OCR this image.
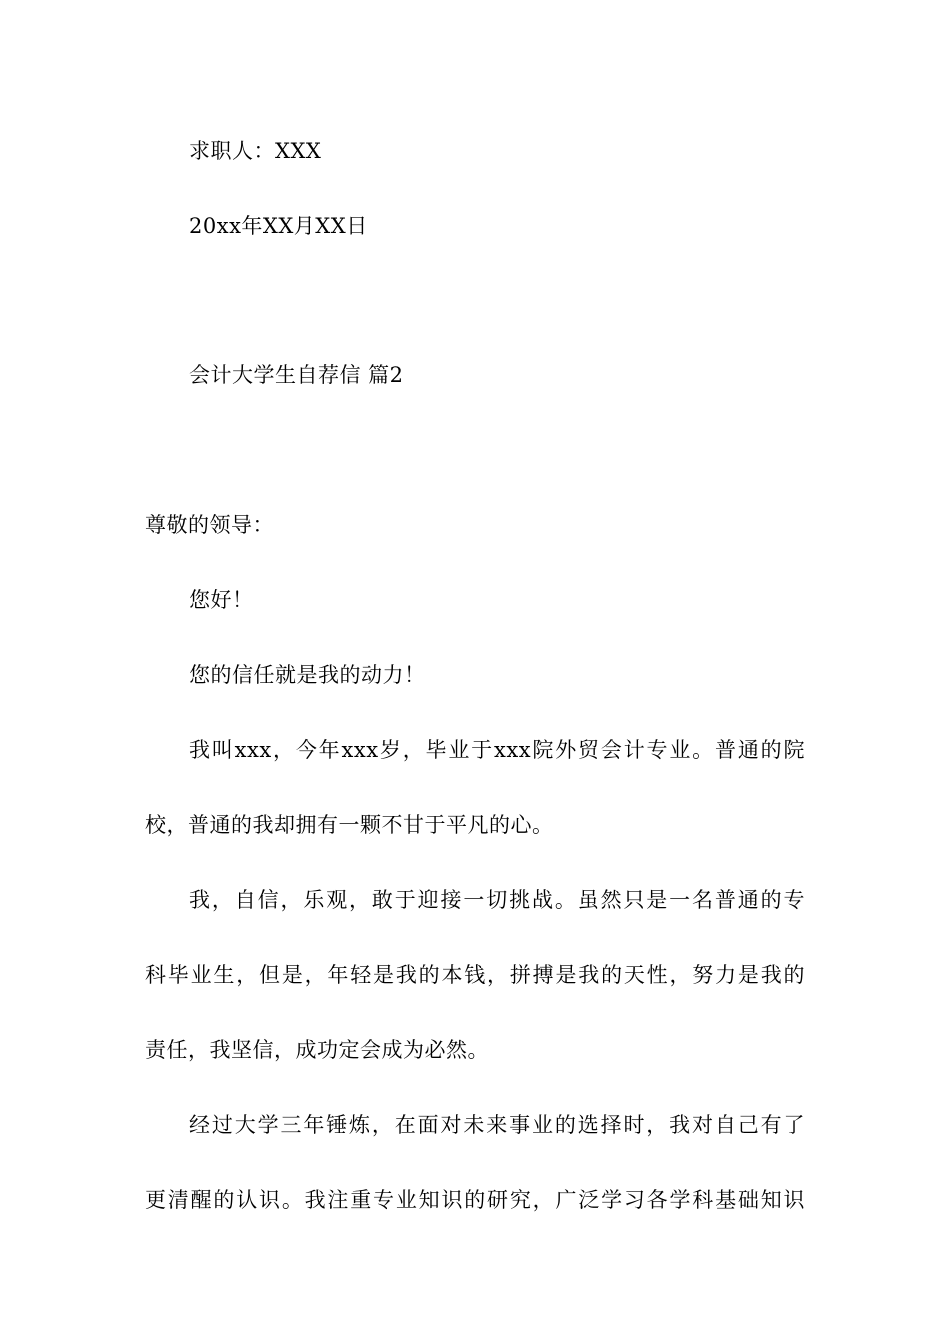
求职人：XXX
20xx年XX月XX日
会计大学生自荐信 篇2
尊敬的领导：
您好！
您的信任就是我的动力！
我叫xxx，今年xxx岁，毕业于xxx院外贸会计专业。普通的院
校，普通的我却拥有一颗不甘于平凡的心。
我，自信，乐观，敢于迎接一切挑战。虽然只是一名普通的专
科毕业生，但是，年轻是我的本钱，拼搏是我的天性，努力是我的
责任，我坚信，成功定会成为必然。
经过大学三年锤炼，在面对未来事业的选择时，我对自己有了
更清醒的认识。我注重专业知识的研究，广泛学习各学科基础知识
